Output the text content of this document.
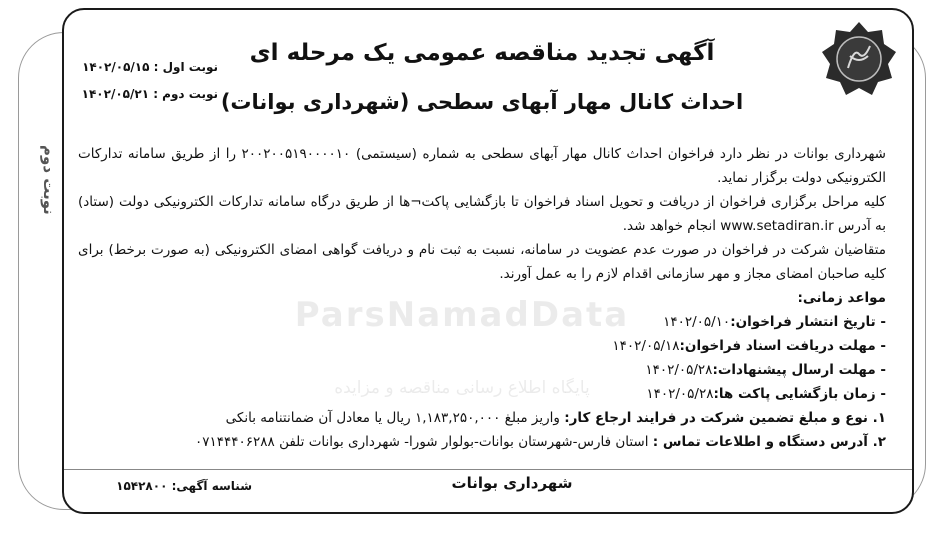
نوبت دوم
آگهی تجدید مناقصه عمومی یک مرحله ای
احداث کانال مهار آبهای سطحی (شهرداری بوانات)
نوبت اول : ۱۴۰۲/۰۵/۱۵
نوبت دوم : ۱۴۰۲/۰۵/۲۱
ParsNamadData
پایگاه اطلاع رسانی مناقصه و مزایده

شهرداری بوانات در نظر دارد فراخوان احداث کانال مهار آبهای سطحی به شماره (سیستمی) ۲۰۰۲۰۰۵۱۹۰۰۰۰۱۰ را از طریق سامانه تدارکات الکترونیکی دولت برگزار نماید.

کلیه مراحل برگزاری فراخوان از دریافت و تحویل اسناد فراخوان تا بازگشایی پاکت¬ها از طریق درگاه سامانه تدارکات الکترونیکی دولت (ستاد) به آدرس www.setadiran.ir انجام خواهد شد.

متقاضیان شرکت در فراخوان در صورت عدم عضویت در سامانه، نسبت به ثبت نام و دریافت گواهی امضای الکترونیکی (به صورت برخط) برای کلیه صاحبان امضای مجاز و مهر سازمانی اقدام لازم را به عمل آورند.

مواعد زمانی:

- تاریخ انتشار فراخوان:۱۴۰۲/۰۵/۱۰

- مهلت دریافت اسناد فراخوان:۱۴۰۲/۰۵/۱۸

- مهلت ارسال پیشنهادات:۱۴۰۲/۰۵/۲۸

- زمان بازگشایی پاکت ها:۱۴۰۲/۰۵/۲۸

۱. نوع و مبلغ تضمین شرکت در فرایند ارجاع کار: واریز مبلغ ۱,۱۸۳,۲۵۰,۰۰۰ ریال یا معادل آن ضمانتنامه بانکی

۲. آدرس دستگاه و اطلاعات تماس : استان فارس-شهرستان بوانات-بولوار شورا- شهرداری بوانات تلفن ۰۷۱۴۴۴۰۶۲۸۸

شهرداری بوانات
شناسه آگهی: ۱۵۴۲۸۰۰
